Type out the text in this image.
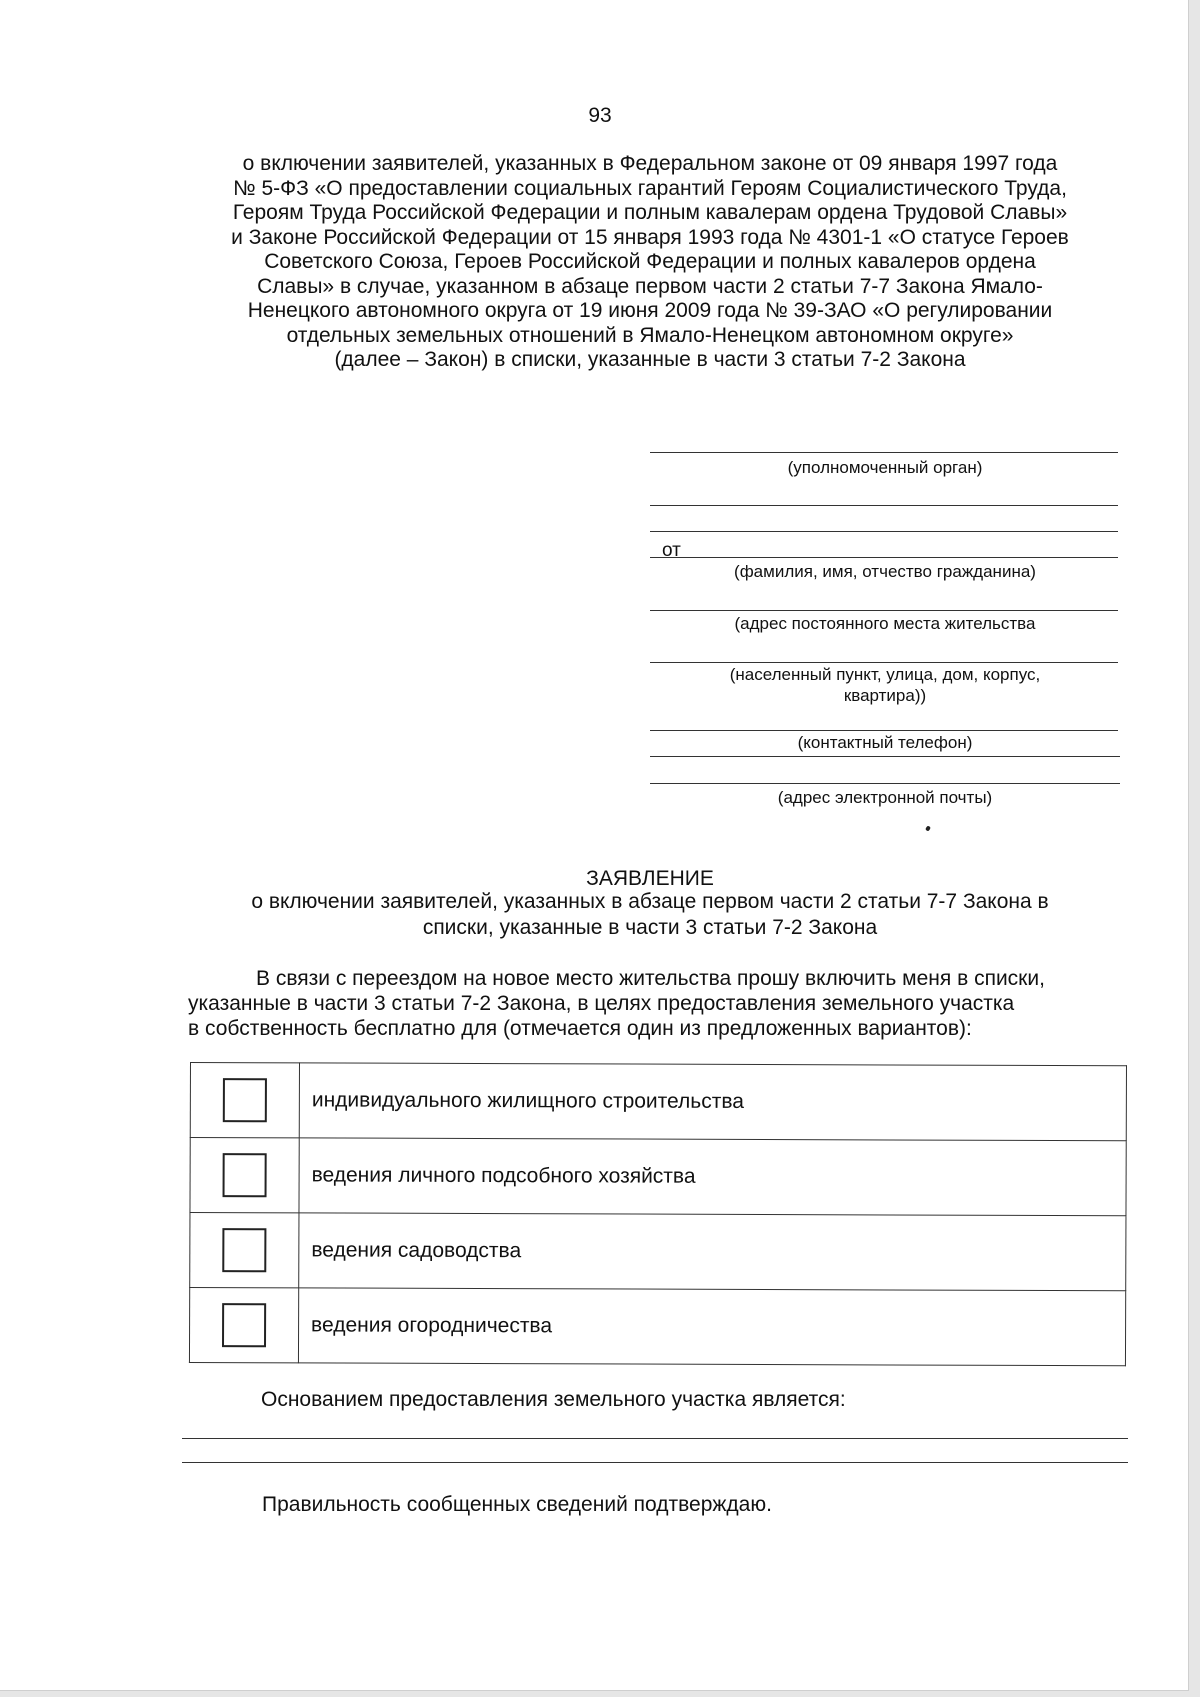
93
о включении заявителей, указанных в Федеральном законе от 09 января 1997 года
№ 5-ФЗ «О предоставлении социальных гарантий Героям Социалистического Труда,
Героям Труда Российской Федерации и полным кавалерам ордена Трудовой Славы»
и Законе Российской Федерации от 15 января 1993 года № 4301-1 «О статусе Героев
Советского Союза, Героев Российской Федерации и полных кавалеров ордена
Славы» в случае, указанном в абзаце первом части 2 статьи 7-7 Закона Ямало-
Ненецкого автономного округа от 19 июня 2009 года № 39-ЗАО «О регулировании
отдельных земельных отношений в Ямало-Ненецком автономном округе»
(далее – Закон) в списки, указанные в части 3 статьи 7-2 Закона
(уполномоченный орган)
от
(фамилия, имя, отчество гражданина)
(адрес постоянного места жительства
(населенный пункт, улица, дом, корпус,
квартира))
(контактный телефон)
(адрес электронной почты)
ЗАЯВЛЕНИЕ
о включении заявителей, указанных в абзаце первом части 2 статьи 7-7 Закона в
списки, указанные в части 3 статьи 7-2 Закона
В связи с переездом на новое место жительства прошу включить меня в списки,
указанные в части 3 статьи 7-2 Закона, в целях предоставления земельного участка
в собственность бесплатно для (отмечается один из предложенных вариантов):
	индивидуального жилищного строительства
	ведения личного подсобного хозяйства
	ведения садоводства
	ведения огородничества
Основанием предоставления земельного участка является:
Правильность сообщенных сведений подтверждаю.
